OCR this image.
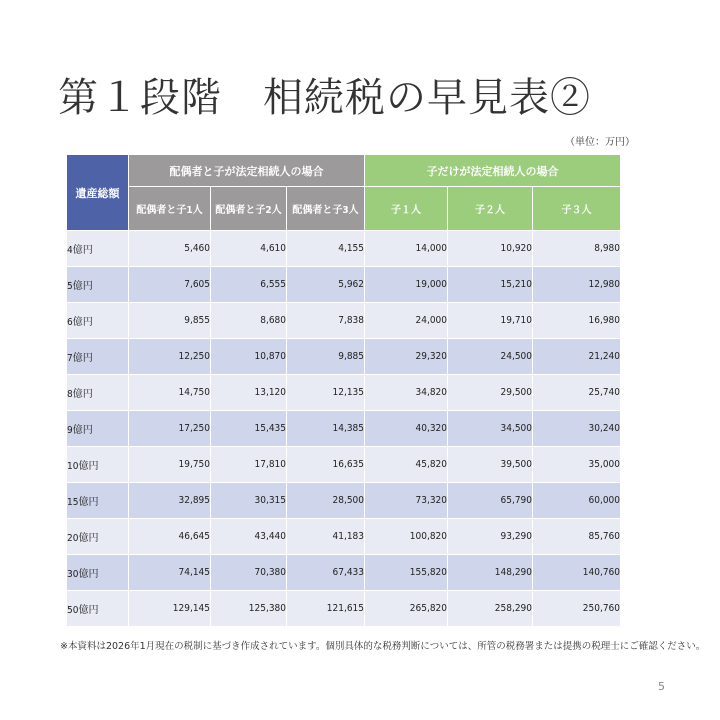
第１段階　相続税の早見表②
（単位：万円）
遺産総額	配偶者と子が法定相続人の場合			子だけが法定相続人の場合		
	配偶者と子1人	配偶者と子2人	配偶者と子3人	子１人	子２人	子３人
4億円	5,460	4,610	4,155	14,000	10,920	8,980
5億円	7,605	6,555	5,962	19,000	15,210	12,980
6億円	9,855	8,680	7,838	24,000	19,710	16,980
7億円	12,250	10,870	9,885	29,320	24,500	21,240
8億円	14,750	13,120	12,135	34,820	29,500	25,740
9億円	17,250	15,435	14,385	40,320	34,500	30,240
10億円	19,750	17,810	16,635	45,820	39,500	35,000
15億円	32,895	30,315	28,500	73,320	65,790	60,000
20億円	46,645	43,440	41,183	100,820	93,290	85,760
30億円	74,145	70,380	67,433	155,820	148,290	140,760
50億円	129,145	125,380	121,615	265,820	258,290	250,760
※本資料は2026年1月現在の税制に基づき作成されています。個別具体的な税務判断については、所管の税務署または提携の税理士にご確認ください。
5
